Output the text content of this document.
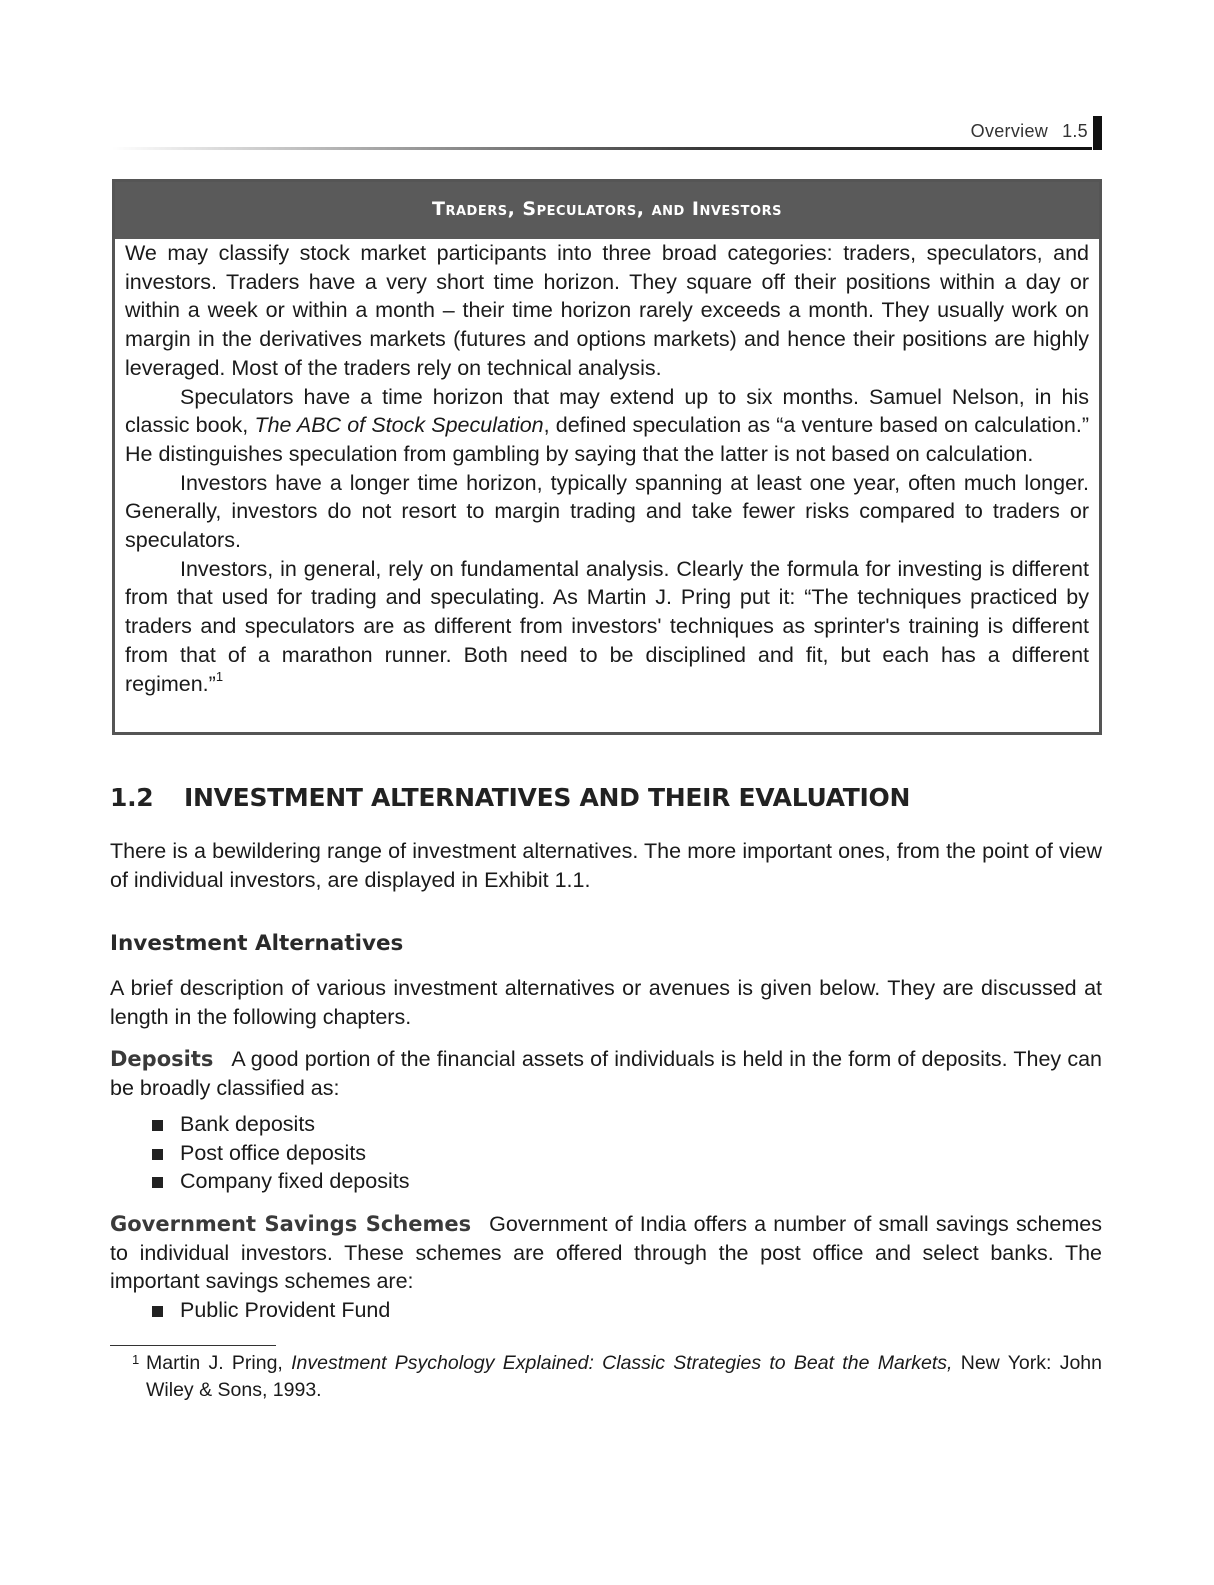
Overview 1.5
Traders, Speculators, and Investors

We may classify stock market participants into three broad categories: traders, speculators, and investors. Traders have a very short time horizon. They square off their positions within a day or within a week or within a month – their time horizon rarely exceeds a month. They usually work on margin in the derivatives markets (futures and options markets) and hence their positions are highly leveraged. Most of the traders rely on technical analysis.

Speculators have a time horizon that may extend up to six months. Samuel Nelson, in his classic book, The ABC of Stock Speculation, defined speculation as “a venture based on calculation.” He distinguishes speculation from gambling by saying that the latter is not based on calculation.

Investors have a longer time horizon, typically spanning at least one year, often much longer. Generally, investors do not resort to margin trading and take fewer risks compared to traders or speculators.

Investors, in general, rely on fundamental analysis. Clearly the formula for investing is different from that used for trading and speculating. As Martin J. Pring put it: “The techniques practiced by traders and speculators are as different from investors' techniques as sprinter's training is different from that of a marathon runner. Both need to be disciplined and fit, but each has a different regimen.”$^1$

1.2 INVESTMENT ALTERNATIVES AND THEIR EVALUATION

There is a bewildering range of investment alternatives. The more important ones, from the point of view of individual investors, are displayed in Exhibit 1.1.

Investment Alternatives

A brief description of various investment alternatives or avenues is given below. They are discussed at length in the following chapters.

Deposits A good portion of the financial assets of individuals is held in the form of deposits. They can be broadly classified as:

Bank deposits
Post office deposits
Company fixed deposits

Government Savings Schemes Government of India offers a number of small savings schemes to individual investors. These schemes are offered through the post office and select banks. The important savings schemes are:

Public Provident Fund
1 Martin J. Pring, Investment Psychology Explained: Classic Strategies to Beat the Markets, New York: John Wiley & Sons, 1993.
